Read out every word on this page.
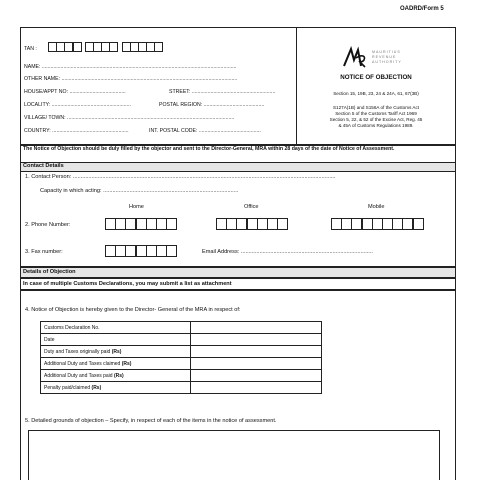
OADRD/Form 5
TAN :
NAME: .......................................................................................................................................
OTHER NAME: ..........................................................................................................................
HOUSE/APPT NO: .......................................	STREET: ..........................................................
LOCALITY: .......................................................	POSTAL REGION: ..........................................
VILLAGE/ TOWN: ....................................................................................................................
COUNTRY: .....................................................	INT. POSTAL CODE: ...........................................
MAURITIUS
REVENUE
AUTHORITY
NOTICE OF OBJECTION
Section 15, 19B, 23, 24 & 24A, 61, 67(3B)
S127A(1B) and S156A of the Customs Act
Section 5 of the Customs Tariff Act 1969
Section 5, 22, & 52 of the Excise Act, Reg. 45
& 45A of Customs Regulations 1989.
The Notice of Objection should be duly filled by the objector and sent to the Director-General, MRA within 28 days of the date of Notice of Assessment.
Contact Details
1. Contact Person: .........................................................................................................................................................................
Capacity in which acting: .......................................................................................
Home	Office	Mobile
2. Phone Number:
3. Fax number:	Email Address: .....................................................................................
Details of Objection
In case of multiple Customs Declarations, you may submit a list as attachment
4. Notice of Objection is hereby given to the Director- General of the MRA in respect of:
Customs Declaration No.	
Date	
Duty and Taxes originally paid (Rs)	
Additional Duty and Taxes claimed (Rs)	
Additional Duty and Taxes paid (Rs)	
Penalty paid/claimed (Rs)	
5. Detailed grounds of objection – Specify, in respect of each of the items in the notice of assessment.
